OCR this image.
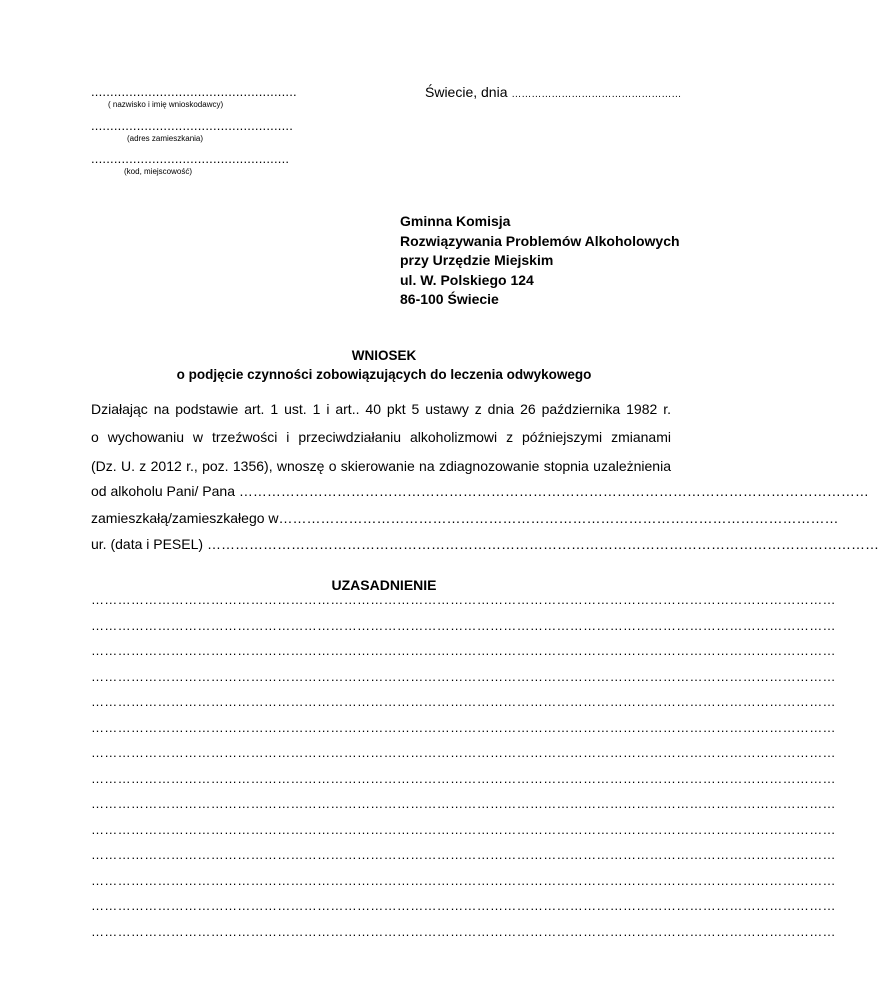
......................................................
( nazwisko i imię wnioskodawcy)
.....................................................
(adres zamieszkania)
....................................................
(kod, miejscowość)
Świecie, dnia ……………………………………………
Gminna Komisja
Rozwiązywania Problemów Alkoholowych
przy Urzędzie Miejskim
ul. W. Polskiego 124
86-100 Świecie
WNIOSEK
o podjęcie czynności zobowiązujących do leczenia odwykowego
Działając na podstawie art. 1 ust. 1 i art.. 40 pkt 5 ustawy z dnia 26 października 1982 r.
o wychowaniu w trzeźwości i przeciwdziałaniu alkoholizmowi z późniejszymi zmianami
(Dz. U. z 2012 r., poz. 1356), wnoszę o skierowanie na zdiagnozowanie stopnia uzależnienia
od alkoholu Pani/ Pana ………………………………………………………………………………………………………………………
zamieszkałą/zamieszkałego w…………………………………………………………………………………………………………
ur. (data i PESEL) ………………………………………………………………………………………………………………………………
UZASADNIENIE
……………………………………………………………………………………………………………………………………………………
……………………………………………………………………………………………………………………………………………………
……………………………………………………………………………………………………………………………………………………
……………………………………………………………………………………………………………………………………………………
……………………………………………………………………………………………………………………………………………………
……………………………………………………………………………………………………………………………………………………
……………………………………………………………………………………………………………………………………………………
……………………………………………………………………………………………………………………………………………………
……………………………………………………………………………………………………………………………………………………
……………………………………………………………………………………………………………………………………………………
……………………………………………………………………………………………………………………………………………………
……………………………………………………………………………………………………………………………………………………
……………………………………………………………………………………………………………………………………………………
……………………………………………………………………………………………………………………………………………………
